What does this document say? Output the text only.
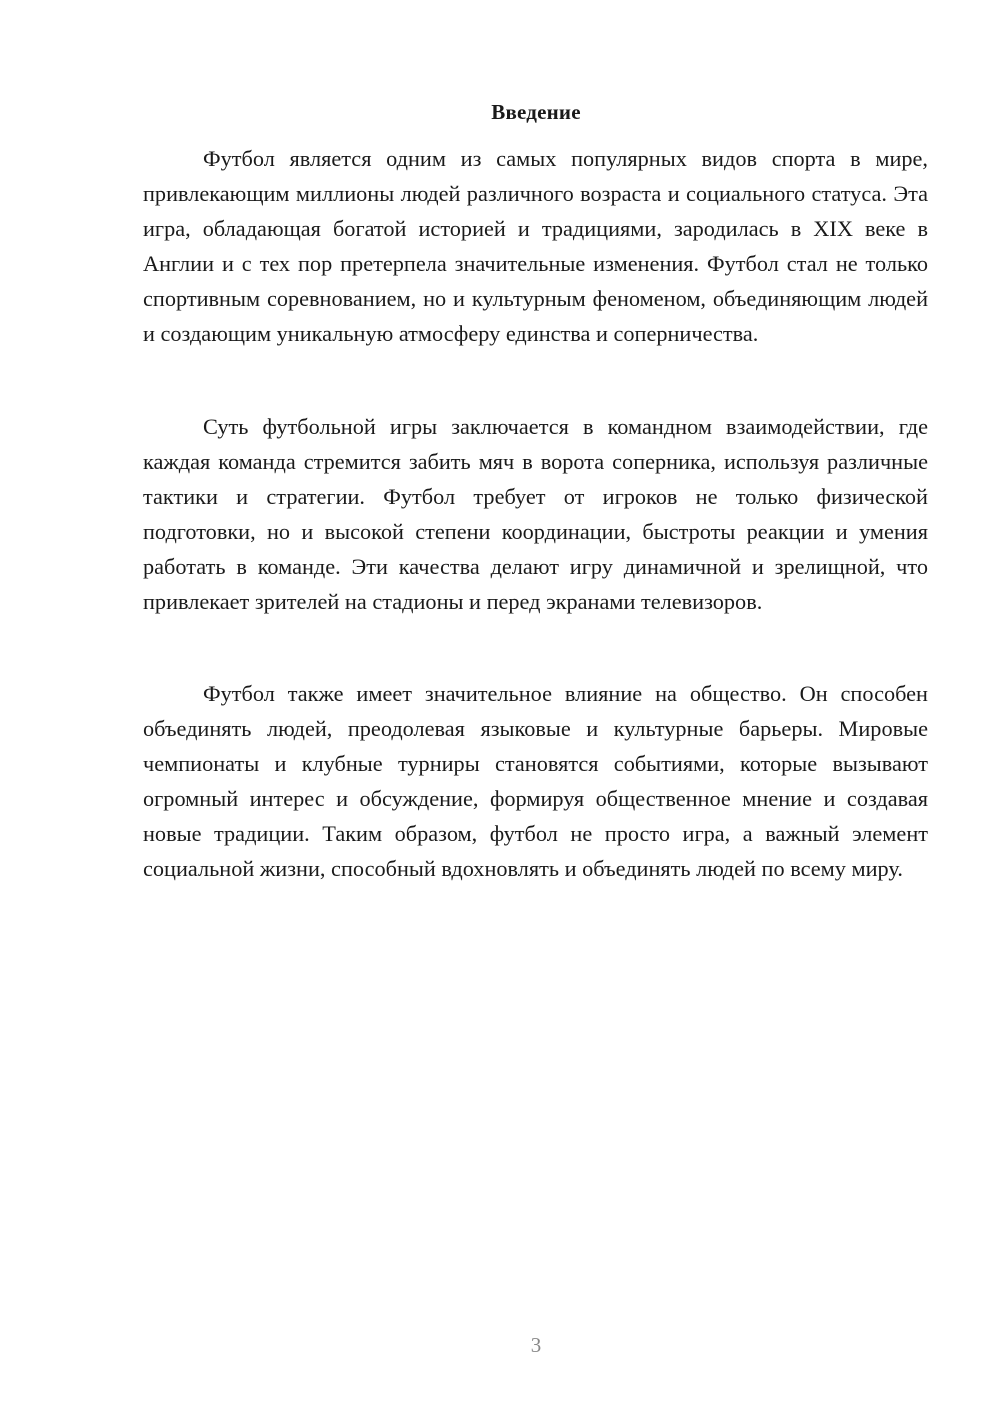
Введение

Футбол является одним из самых популярных видов спорта в мире, привлекающим миллионы людей различного возраста и социального статуса. Эта игра, обладающая богатой историей и традициями, зародилась в XIX веке в Англии и с тех пор претерпела значительные изменения. Футбол стал не только спортивным соревнованием, но и культурным феноменом, объединяющим людей и создающим уникальную атмосферу единства и соперничества.

Суть футбольной игры заключается в командном взаимодействии, где каждая команда стремится забить мяч в ворота соперника, используя различные тактики и стратегии. Футбол требует от игроков не только физической подготовки, но и высокой степени координации, быстроты реакции и умения работать в команде. Эти качества делают игру динамичной и зрелищной, что привлекает зрителей на стадионы и перед экранами телевизоров.

Футбол также имеет значительное влияние на общество. Он способен объединять людей, преодолевая языковые и культурные барьеры. Мировые чемпионаты и клубные турниры становятся событиями, которые вызывают огромный интерес и обсуждение, формируя общественное мнение и создавая новые традиции. Таким образом, футбол не просто игра, а важный элемент социальной жизни, способный вдохновлять и объединять людей по всему миру.

3
